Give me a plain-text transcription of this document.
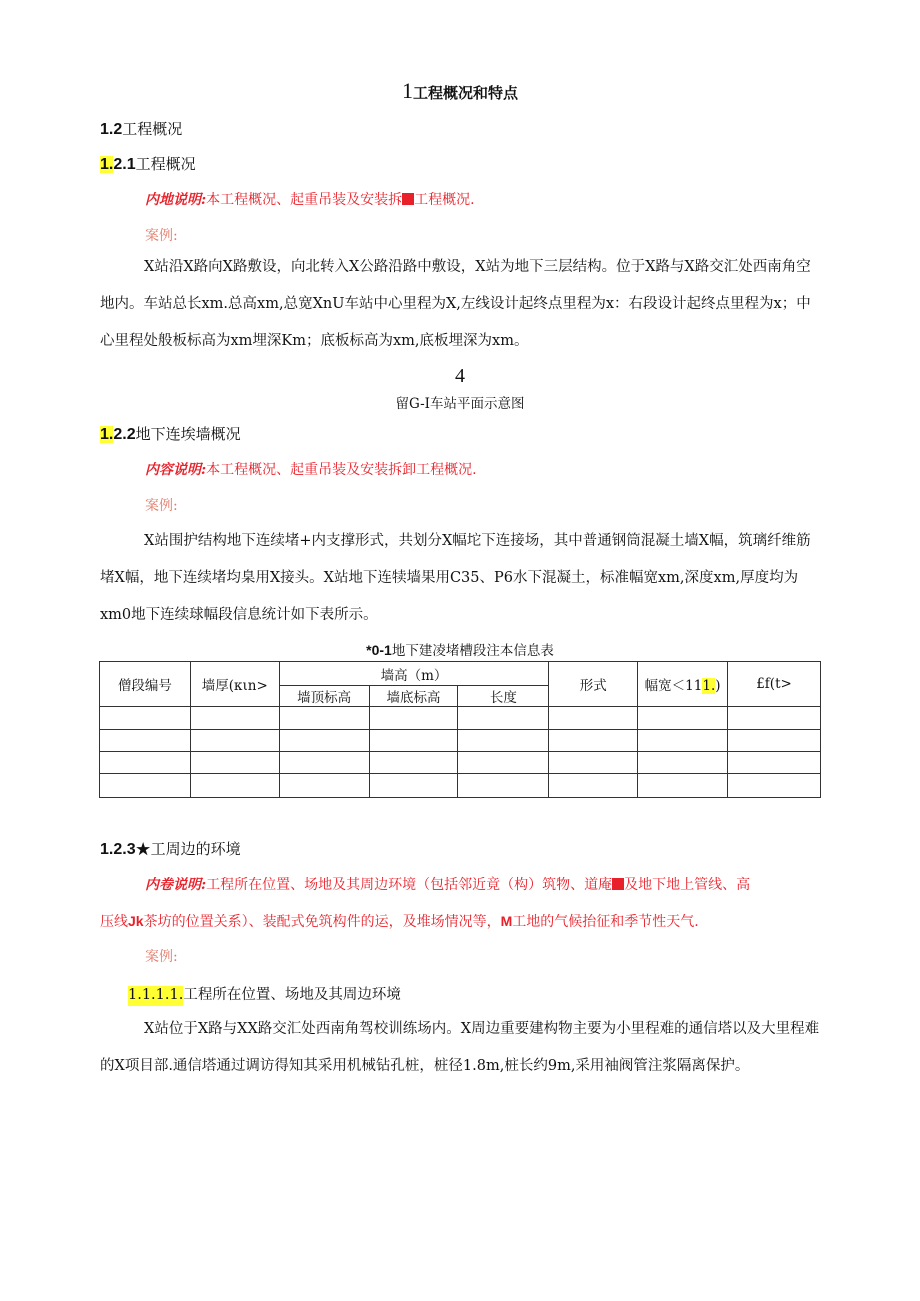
1工程概况和特点
1.2工程概况
1.2.1工程概况
内地说明:本工程概况、起重吊装及安装拆 工程概况.
案例:
X站沿X路向X路敷设，向北转入X公路沿路中敷设，X站为地下三层结构。位于X路与X路交汇处西南角空地内。车站总长xm.总高xm,总宽XnU车站中心里程为X,左线设计起终点里程为x：右段设计起终点里程为x；中心里程处般板标高为xm埋深Km；底板标高为xm,底板埋深为xm。
4
留G-I车站平面示意图
1.2.2地下连埃墙概况
内容说明:本工程概况、起重吊装及安装拆卸工程概况.
案例:
X站围护结构地下连续堵+内支撑形式，共划分X幅坨下连接场，其中普通钢筒混凝土墙X幅，筑璃纤维筋堵X幅，地下连续堵均臬用X接头。X站地下连犊墙果用C35、P6水下混凝土，标准幅宽xm,深度xm,厚度均为xm0地下连续球幅段信息统计如下表所示。
*0-1地下建凌堵槽段注本信息表
僧段编号	墙厚(κιn>	墙高（m）			形式	幅宽＜111.)	£f(t>
		墙顶标高	墙底标高	长度			

1.2.3★工周边的环境
内卷说明:工程所在位置、场地及其周边环境（包括邻近竟（构）筑物、道庵 及地下地上管线、高
压线Jk茶坊的位置关系）、装配式免筑构件的运，及堆场情况等，M工地的气候抬征和季节性天气.
案例:
1.1.1.1.工程所在位置、场地及其周边环境
X站位于X路与XX路交汇处西南角驾校训练场内。X周边重要建构物主要为小里程难的通信塔以及大里程难的X项目部.通信塔通过调访得知其采用机械钻孔桩，桩径1.8m,桩长约9m,采用袖阀管注浆隔离保护。
